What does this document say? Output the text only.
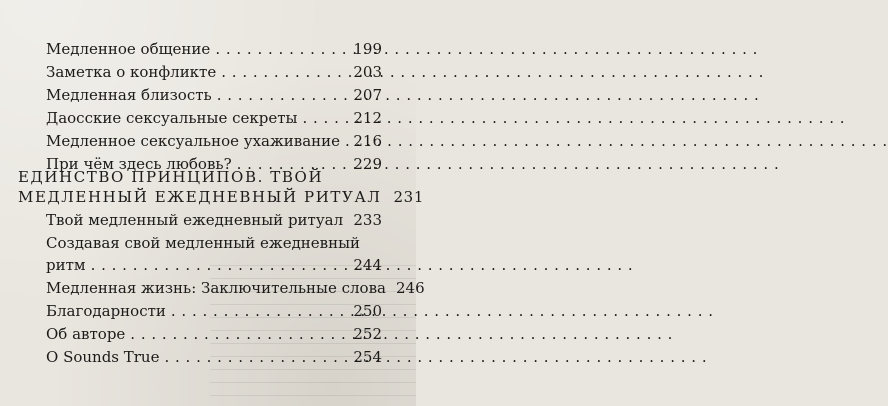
Медленное общение . . .	199
Заметка о конфликте . . .	203
Медленная близость . . .	207
Даосские сексуальные секреты . . .	212
Медленное сексуальное ухаживание . . . 216
При чём здесь любовь? . . .	229
ЕДИНСТВО ПРИНЦИПОВ. ТВОЙ
МЕДЛЕННЫЙ ЕЖЕДНЕВНЫЙ РИТУАЛ 231
Твой медленный ежедневный ритуал . . . 233
Создавая свой медленный ежедневный
ритм . . .	244
Медленная жизнь: Заключительные слова 246
Благодарности . . .	250
Об авторе . . .	252
О Sounds True . . .	254
